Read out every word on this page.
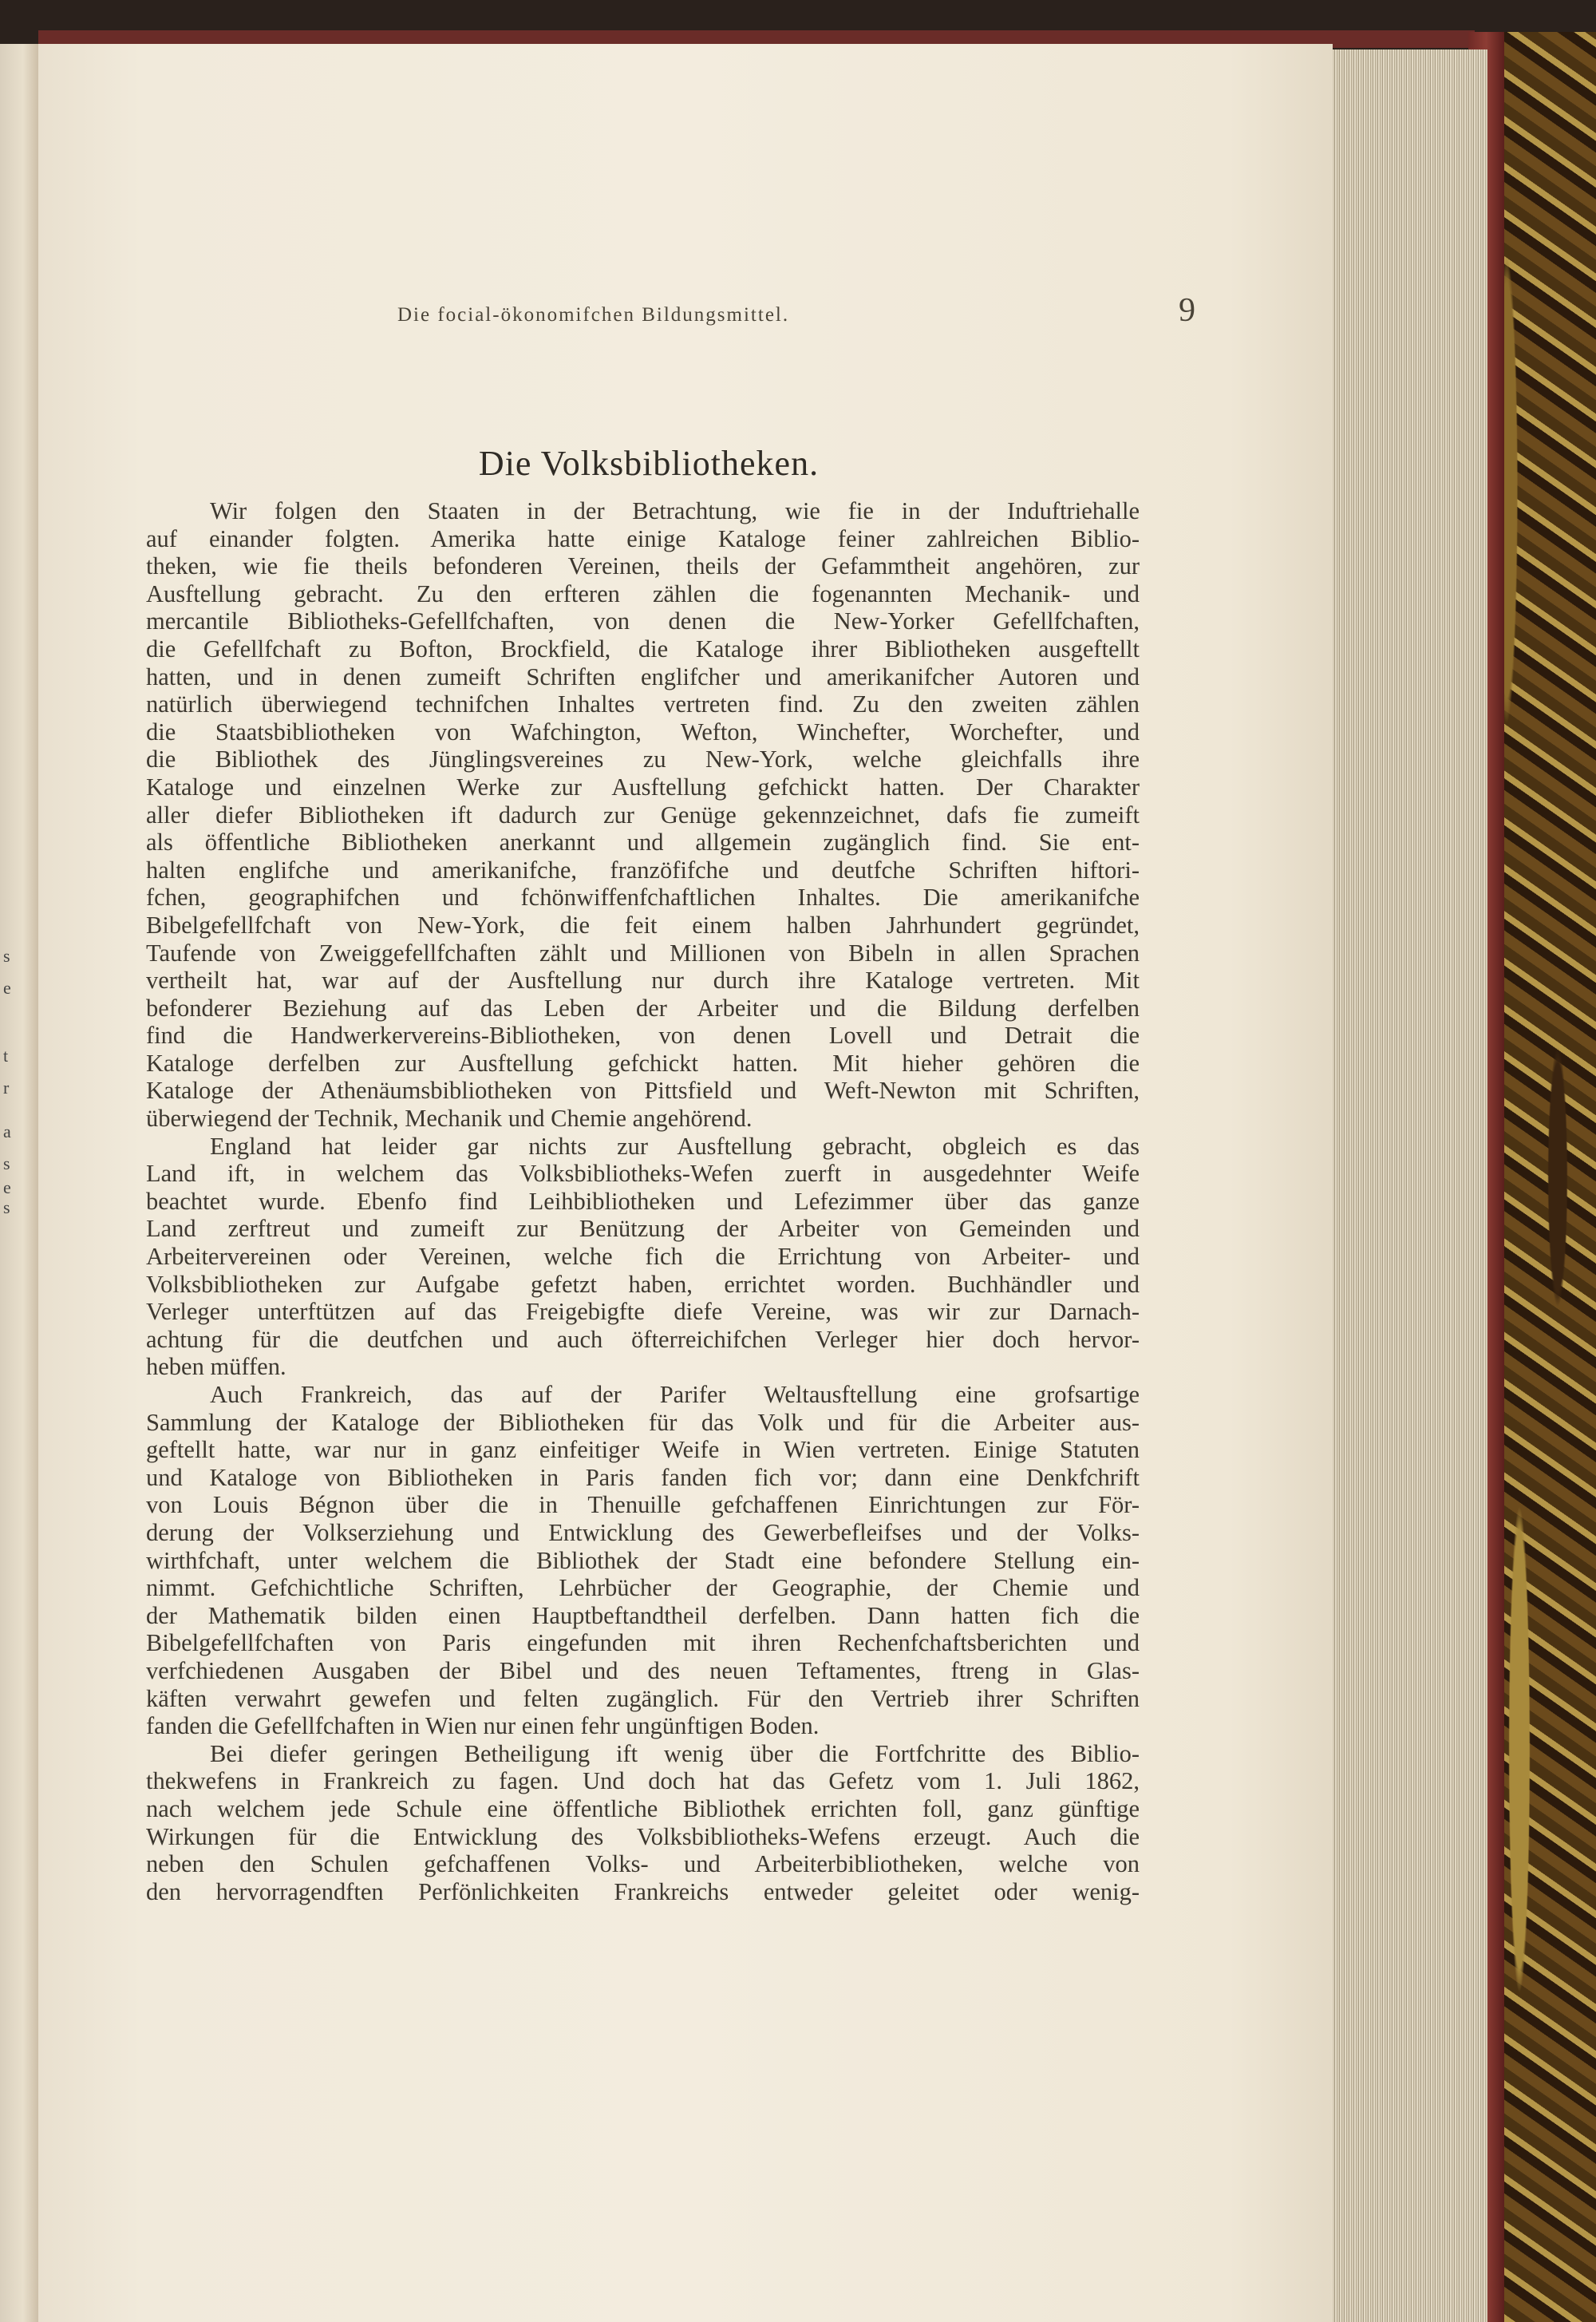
Die focial-ökonomifchen Bildungsmittel.	9
Die Volksbibliotheken.
Wir folgen den Staaten in der Betrachtung, wie fie in der Induftriehalle
auf einander folgten. Amerika hatte einige Kataloge feiner zahlreichen Biblio-
theken, wie fie theils befonderen Vereinen, theils der Gefammtheit angehören, zur
Ausftellung gebracht. Zu den erfteren zählen die fogenannten Mechanik- und
mercantile Bibliotheks-Gefellfchaften, von denen die New-Yorker Gefellfchaften,
die Gefellfchaft zu Bofton, Brockfield, die Kataloge ihrer Bibliotheken ausgeftellt
hatten, und in denen zumeift Schriften englifcher und amerikanifcher Autoren und
natürlich überwiegend technifchen Inhaltes vertreten find. Zu den zweiten zählen
die Staatsbibliotheken von Wafchington, Wefton, Winchefter, Worchefter, und
die Bibliothek des Jünglingsvereines zu New-York, welche gleichfalls ihre
Kataloge und einzelnen Werke zur Ausftellung gefchickt hatten. Der Charakter
aller diefer Bibliotheken ift dadurch zur Genüge gekennzeichnet, dafs fie zumeift
als öffentliche Bibliotheken anerkannt und allgemein zugänglich find. Sie ent-
halten englifche und amerikanifche, franzöfifche und deutfche Schriften hiftori-
fchen, geographifchen und fchönwiffenfchaftlichen Inhaltes. Die amerikanifche
Bibelgefellfchaft von New-York, die feit einem halben Jahrhundert gegründet,
Taufende von Zweiggefellfchaften zählt und Millionen von Bibeln in allen Sprachen
vertheilt hat, war auf der Ausftellung nur durch ihre Kataloge vertreten. Mit
befonderer Beziehung auf das Leben der Arbeiter und die Bildung derfelben
find die Handwerkervereins-Bibliotheken, von denen Lovell und Detrait die
Kataloge derfelben zur Ausftellung gefchickt hatten. Mit hieher gehören die
Kataloge der Athenäumsbibliotheken von Pittsfield und Weft-Newton mit Schriften,
überwiegend der Technik, Mechanik und Chemie angehörend.
England hat leider gar nichts zur Ausftellung gebracht, obgleich es das
Land ift, in welchem das Volksbibliotheks-Wefen zuerft in ausgedehnter Weife
beachtet wurde. Ebenfo find Leihbibliotheken und Lefezimmer über das ganze
Land zerftreut und zumeift zur Benützung der Arbeiter von Gemeinden und
Arbeitervereinen oder Vereinen, welche fich die Errichtung von Arbeiter- und
Volksbibliotheken zur Aufgabe gefetzt haben, errichtet worden. Buchhändler und
Verleger unterftützen auf das Freigebigfte diefe Vereine, was wir zur Darnach-
achtung für die deutfchen und auch öfterreichifchen Verleger hier doch hervor-
heben müffen.
Auch Frankreich, das auf der Parifer Weltausftellung eine grofsartige
Sammlung der Kataloge der Bibliotheken für das Volk und für die Arbeiter aus-
geftellt hatte, war nur in ganz einfeitiger Weife in Wien vertreten. Einige Statuten
und Kataloge von Bibliotheken in Paris fanden fich vor; dann eine Denkfchrift
von Louis Bégnon über die in Thenuille gefchaffenen Einrichtungen zur För-
derung der Volkserziehung und Entwicklung des Gewerbefleifses und der Volks-
wirthfchaft, unter welchem die Bibliothek der Stadt eine befondere Stellung ein-
nimmt. Gefchichtliche Schriften, Lehrbücher der Geographie, der Chemie und
der Mathematik bilden einen Hauptbeftandtheil derfelben. Dann hatten fich die
Bibelgefellfchaften von Paris eingefunden mit ihren Rechenfchaftsberichten und
verfchiedenen Ausgaben der Bibel und des neuen Teftamentes, ftreng in Glas-
käften verwahrt gewefen und felten zugänglich. Für den Vertrieb ihrer Schriften
fanden die Gefellfchaften in Wien nur einen fehr ungünftigen Boden.
Bei diefer geringen Betheiligung ift wenig über die Fortfchritte des Biblio-
thekwefens in Frankreich zu fagen. Und doch hat das Gefetz vom 1. Juli 1862,
nach welchem jede Schule eine öffentliche Bibliothek errichten foll, ganz günftige
Wirkungen für die Entwicklung des Volksbibliotheks-Wefens erzeugt. Auch die
neben den Schulen gefchaffenen Volks- und Arbeiterbibliotheken, welche von
den hervorragendften Perfönlichkeiten Frankreichs entweder geleitet oder wenig-
s
e
t
r
a
s
e
s
